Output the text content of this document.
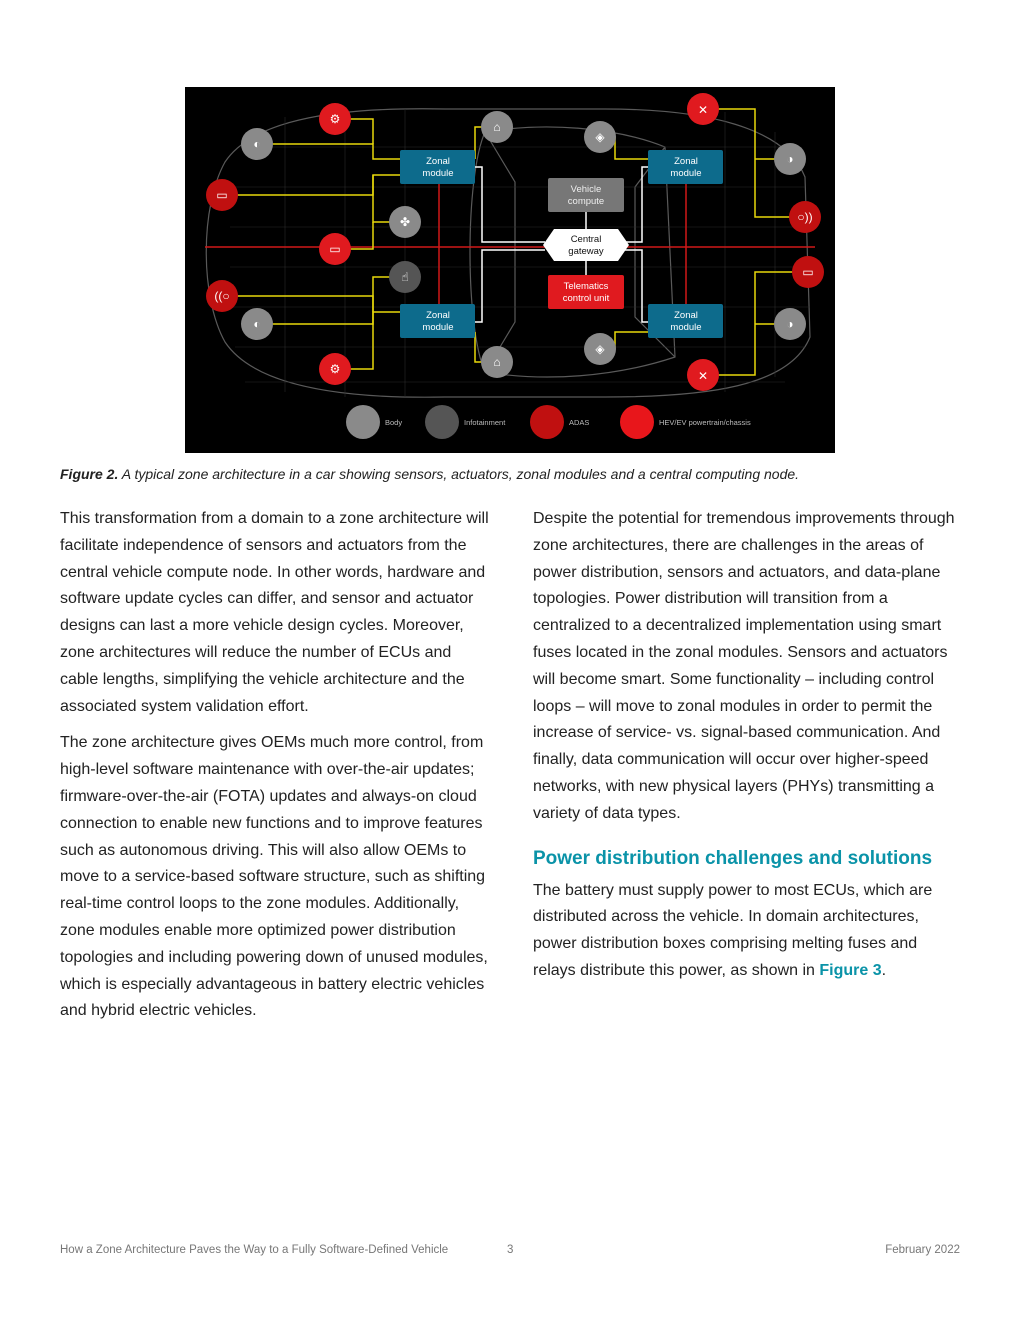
Zonal module
Zonal module
Zonal module
Zonal module
Vehicle compute
Central gateway
Telematics control unit
◐
⚙
▭
✤
▭
☝
((○
◐
⚙
⌂
⌂
◈
◈
✕
✕
◑
○))
▭
◑
Body	Infotainment	ADAS	HEV/EV powertrain/chassis
Figure 2. A typical zone architecture in a car showing sensors, actuators, zonal modules and a central computing node.

This transformation from a domain to a zone architecture will facilitate independence of sensors and actuators from the central vehicle compute node. In other words, hardware and software update cycles can differ, and sensor and actuator designs can last a more vehicle design cycles. Moreover, zone architectures will reduce the number of ECUs and cable lengths, simplifying the vehicle architecture and the associated system validation effort.

The zone architecture gives OEMs much more control, from high-level software maintenance with over-the-air updates; firmware-over-the-air (FOTA) updates and always-on cloud connection to enable new functions and to improve features such as autonomous driving. This will also allow OEMs to move to a service-based software structure, such as shifting real-time control loops to the zone modules. Additionally, zone modules enable more optimized power distribution topologies and including powering down of unused modules, which is especially advantageous in battery electric vehicles and hybrid electric vehicles.

Despite the potential for tremendous improvements through zone architectures, there are challenges in the areas of power distribution, sensors and actuators, and data-plane topologies. Power distribution will transition from a centralized to a decentralized implementation using smart fuses located in the zonal modules. Sensors and actuators will become smart. Some functionality – including control loops – will move to zonal modules in order to permit the increase of service- vs. signal-based communication. And finally, data communication will occur over higher-speed networks, with new physical layers (PHYs) transmitting a variety of data types.

Power distribution challenges and solutions

The battery must supply power to most ECUs, which are distributed across the vehicle. In domain architectures, power distribution boxes comprising melting fuses and relays distribute this power, as shown in Figure 3.

How a Zone Architecture Paves the Way to a Fully Software-Defined Vehicle	3	February 2022
